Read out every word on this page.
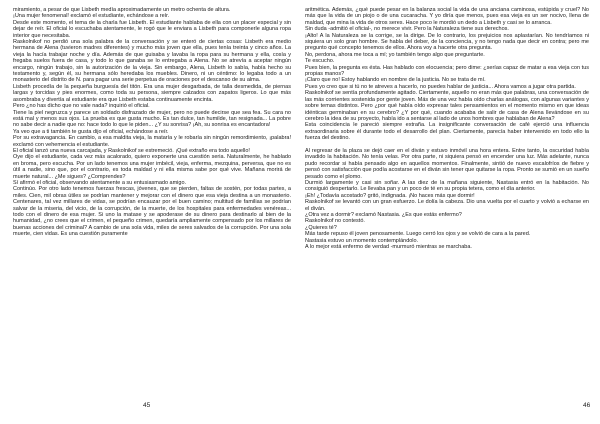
miramiento, a pesar de que Lisbeth medía aproximadamente un metro ochenta de altura.

¡Una mujer fenomenal! exclamó el estudiante, echándose a reír.

Desde este momento, el tema de la charla fue Lisbeth. El estudiante hablaba de ella con un placer especial y sin dejar de reír. El oficial lo escuchaba atentamente, le rogó que le enviara a Lisbeth para componerle alguna ropa interior que necesitaba.

Raskolnikof no perdió una sola palabra de la conversación y se enteró de ciertas cosas: Lisbeth era medio hermana de Alena (tuvieron madres diferentes) y mucho más joven que ella, pues tenía treinta y cinco años. La vieja la hacía trabajar noche y día. Además de que guisaba y lavaba la ropa para su hermana y ella, cosía y fregaba suelos fuera de casa, y todo lo que ganaba se lo entregaba a Alena. No se atrevía a aceptar ningún encargo, ningún trabajo, sin la autorización de la vieja. Sin embargo, Alena, Lisbeth lo sabía, había hecho su testamento y, según él, su hermana sólo heredaba los muebles. Dinero, ni un céntimo: lo legaba todo a un monasterio del distrito de N. para pagar una serie perpetua de oraciones por el descanso de su alma.

Lisbeth procedía de la pequeña burguesía del titón. Era una mujer desgarbada, de talla desmedida, de piernas largas y torcidas y pies enormes, como toda su persona, siempre calzados con zapatos ligeros. Lo que más asombraba y divertía al estudiante era que Lisbeth estaba continuamente encinta.

Pero ¿no has dicho que no vale nada? inquirió el oficial.

Tiene la piel negruzca y parece un soldado disfrazado de mujer, pero no puede decirse que sea fea. Su cara no está mal y menos sus ojos. La prueba es que gusta mucho. Es tan dulce, tan humilde, tan resignada... La pobre no sabe decir a nadie que no: hace todo lo que le piden... ¿Y su sonrisa? ¡Ah, su sonrisa es encantadora!

Ya veo que a ti también te gusta dijo el oficial, echándose a reír.

Por su extravagancia. En cambio, a esa maldita vieja, la mataría y le robaría sin ningún remordimiento, ¡palabra! exclamó con vehemencia el estudiante.

El oficial lanzó una nueva carcajada, y Raskolnikof se estremeció. ¡Qué extraño era todo aquello!

Oye dijo el estudiante, cada vez más acalorado, quiero exponerte una cuestión seria. Naturalmente, he hablado en broma, pero escucha. Por un lado tenemos una mujer imbécil, vieja, enferma, mezquina, perversa, que no es útil a nadie, sino que, por el contrario, es toda maldad y ni ella misma sabe por qué vive. Mañana morirá de muerte natural... ¿Me sigues? ¿Comprendes?

Sí afirmó el oficial, observando atentamente a su entusiasmado amigo.

Continúo. Por otro lado tenemos fuerzas frescas, jóvenes, que se pierden, faltas de sostén, por todas partes, a miles. Cien, mil obras útiles se podrían mantener y mejorar con el dinero que esa vieja destina a un monasterio. Centenares, tal vez millares de vidas, se podrían encauzar por el buen camino; multitud de familias se podrían salvar de la miseria, del vicio, de la corrupción, de la muerte, de los hospitales para enfermedades venéreas... todo con el dinero de esa mujer. Si uno la matase y se apoderase de su dinero para destinarlo al bien de la humanidad, ¿no crees que el crimen, el pequeño crimen, quedaría ampliamente compensado por los millares de buenas acciones del criminal? A cambio de una sola vida, miles de seres salvados de la corrupción. Por una sola muerte, cien vidas. Es una cuestión puramente

45

aritmética. Además, ¿qué puede pesar en la balanza social la vida de una anciana caminosa, estúpida y cruel? No más que la vida de un piojo o de una cucaracha. Y yo diría que menos, pues esa vieja es un ser nocivo, llena de maldad, que mina la vida de otros seres. Hace poco le mordió un dedo a Lisbeth y casi se lo arranca.

Sin duda -admitió el oficial-, no merece vivir. Pero la Naturaleza tiene sus derechos.

¡Alto! A la Naturaleza se la corrige, se la dirige. De lo contrario, los prejuicios nos aplastarían. No tendríamos ni siquiera un solo gran hombre. Se habla del deber, de la conciencia, y no tengo nada que decir en contra; pero me pregunto qué concepto tenemos de ellos. Ahora voy a hacerte otra pregunta.

No, perdona, ahora me toca a mí; yo también tengo algo que preguntarte.

Te escucho.

Pues bien, la pregunta es ésta. Has hablado con elocuencia; pero dime: ¿serías capaz de matar a esa vieja con tus propias manos?

¡Claro que no! Estoy hablando en nombre de la justicia. No se trata de mí.

Pues yo creo que si tú no te atreves a hacerlo, no puedes hablar de justicia... Ahora vamos a jugar otra partida.

Raskolnikof se sentía profundamente agitado. Ciertamente, aquello no eran más que palabras, una conversación de las más corrientes sostenida por gente joven. Más de una vez había oído charlas análogas, con algunas variantes y sobre temas distintos. Pero ¿por qué había oído expresar tales pensamientos en el momento mismo en que ideas idénticas germinaban en su cerebro? ¿Y por qué, cuando acababa de salir de casa de Alena llevándose en su cerebro la idea de su proyecto, había ido a sentarse al lado de unos hombres que hablaban de Alena?

Esta coincidencia le pareció siempre extraña. La insignificante conversación de café ejerció una influencia extraordinaria sobre él durante todo el desarrollo del plan. Ciertamente, parecía haber intervenido en todo ello la fuerza del destino.

Al regresar de la plaza se dejó caer en el diván y estuvo inmóvil una hora entera. Entre tanto, la oscuridad había invadido la habitación. No tenía velas. Por otra parte, ni siquiera pensó en encender una luz. Más adelante, nunca pudo recordar si había pensado algo en aquellos momentos. Finalmente, sintió de nuevo escalofríos de fiebre y pensó con satisfacción que podía acostarse en el diván sin tener que quitarse la ropa. Pronto se sumió en un sueño pesado como el plomo.

Durmió largamente y casi sin soñar. A las diez de la mañana siguiente, Nastasia entró en la habitación. No consiguió despertarlo. Le llevaba pan y un poco de té en su propia tetera, como el día anterior.

¡Eh! ¿Todavía acostado? gritó, indignada. ¡No haces más que dormir!

Raskolnikof se levantó con un gran esfuerzo. Le dolía la cabeza. Dio una vuelta por el cuarto y volvió a echarse en el diván.

¿Otra vez a dormir? exclamó Nastasia. ¿Es que estás enfermo?

Raskolnikof no contestó.

¿Quieres té?

Más tarde repuso él joven penosamente. Luego cerró los ojos y se volvió de cara a la pared.

Nastasia estuvo un momento contemplándolo.

A lo mejor está enfermo de verdad -murmuró mientras se marchaba.

46
